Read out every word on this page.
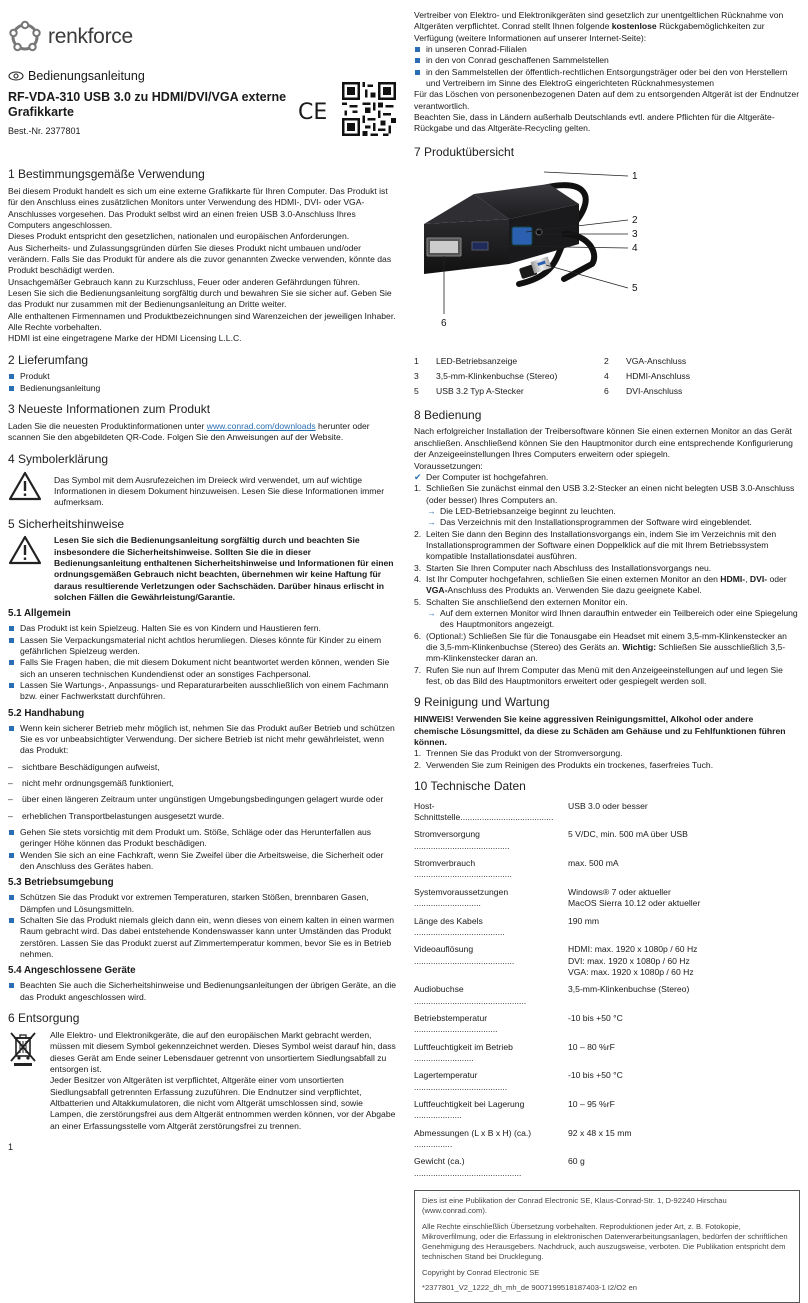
renkforce
Bedienungsanleitung
RF-VDA-310 USB 3.0 zu HDMI/DVI/VGA externe Grafikkarte
Best.-Nr. 2377801
CE
1 Bestimmungsgemäße Verwendung

Bei diesem Produkt handelt es sich um eine externe Grafikkarte für Ihren Computer. Das Produkt ist für den Anschluss eines zusätzlichen Monitors unter Verwendung des HDMI-, DVI- oder VGA-Anschlusses vorgesehen. Das Produkt selbst wird an einen freien USB 3.0-Anschluss Ihres Computers angeschlossen.

Dieses Produkt entspricht den gesetzlichen, nationalen und europäischen Anforderungen.

Aus Sicherheits- und Zulassungsgründen dürfen Sie dieses Produkt nicht umbauen und/oder verändern. Falls Sie das Produkt für andere als die zuvor genannten Zwecke verwenden, könnte das Produkt beschädigt werden.

Unsachgemäßer Gebrauch kann zu Kurzschluss, Feuer oder anderen Gefährdungen führen.

Lesen Sie sich die Bedienungsanleitung sorgfältig durch und bewahren Sie sie sicher auf. Geben Sie das Produkt nur zusammen mit der Bedienungsanleitung an Dritte weiter.

Alle enthaltenen Firmennamen und Produktbezeichnungen sind Warenzeichen der jeweiligen Inhaber. Alle Rechte vorbehalten.

HDMI ist eine eingetragene Marke der HDMI Licensing L.L.C.

2 Lieferumfang
Produkt
Bedienungsanleitung
3 Neueste Informationen zum Produkt

Laden Sie die neuesten Produktinformationen unter www.conrad.com/downloads herunter oder scannen Sie den abgebildeten QR-Code. Folgen Sie den Anweisungen auf der Website.

4 Symbolerklärung

Das Symbol mit dem Ausrufezeichen im Dreieck wird verwendet, um auf wichtige Informationen in diesem Dokument hinzuweisen. Lesen Sie diese Informationen immer aufmerksam.

5 Sicherheitshinweise

Lesen Sie sich die Bedienungsanleitung sorgfältig durch und beachten Sie insbesondere die Sicherheitshinweise. Sollten Sie die in dieser Bedienungsanleitung enthaltenen Sicherheitshinweise und Informationen für einen ordnungsgemäßen Gebrauch nicht beachten, übernehmen wir keine Haftung für daraus resultierende Verletzungen oder Sachschäden. Darüber hinaus erlischt in solchen Fällen die Gewährleistung/Garantie.

5.1 Allgemein
Das Produkt ist kein Spielzeug. Halten Sie es von Kindern und Haustieren fern.
Lassen Sie Verpackungsmaterial nicht achtlos herumliegen. Dieses könnte für Kinder zu einem gefährlichen Spielzeug werden.
Falls Sie Fragen haben, die mit diesem Dokument nicht beantwortet werden können, wenden Sie sich an unseren technischen Kundendienst oder an sonstiges Fachpersonal.
Lassen Sie Wartungs-, Anpassungs- und Reparaturarbeiten ausschließlich von einem Fachmann bzw. einer Fachwerkstatt durchführen.
5.2 Handhabung
Wenn kein sicherer Betrieb mehr möglich ist, nehmen Sie das Produkt außer Betrieb und schützen Sie es vor unbeabsichtigter Verwendung. Der sichere Betrieb ist nicht mehr gewährleistet, wenn das Produkt:
– sichtbare Beschädigungen aufweist,
– nicht mehr ordnungsgemäß funktioniert,
– über einen längeren Zeitraum unter ungünstigen Umgebungsbedingungen gelagert wurde oder
– erheblichen Transportbelastungen ausgesetzt wurde.
Gehen Sie stets vorsichtig mit dem Produkt um. Stöße, Schläge oder das Herunterfallen aus geringer Höhe können das Produkt beschädigen.
Wenden Sie sich an eine Fachkraft, wenn Sie Zweifel über die Arbeitsweise, die Sicherheit oder den Anschluss des Gerätes haben.
5.3 Betriebsumgebung
Schützen Sie das Produkt vor extremen Temperaturen, starken Stößen, brennbaren Gasen, Dämpfen und Lösungsmitteln.
Schalten Sie das Produkt niemals gleich dann ein, wenn dieses von einem kalten in einen warmen Raum gebracht wird. Das dabei entstehende Kondenswasser kann unter Umständen das Produkt zerstören. Lassen Sie das Produkt zuerst auf Zimmertemperatur kommen, bevor Sie es in Betrieb nehmen.
5.4 Angeschlossene Geräte
Beachten Sie auch die Sicherheitshinweise und Bedienungsanleitungen der übrigen Geräte, an die das Produkt angeschlossen wird.
6 Entsorgung

Alle Elektro- und Elektronikgeräte, die auf den europäischen Markt gebracht werden, müssen mit diesem Symbol gekennzeichnet werden. Dieses Symbol weist darauf hin, dass dieses Gerät am Ende seiner Lebensdauer getrennt von unsortiertem Siedlungsabfall zu entsorgen ist.

Jeder Besitzer von Altgeräten ist verpflichtet, Altgeräte einer vom unsortierten Siedlungsabfall getrennten Erfassung zuzuführen. Die Endnutzer sind verpflichtet, Altbatterien und Altakkumulatoren, die nicht vom Altgerät umschlossen sind, sowie Lampen, die zerstörungsfrei aus dem Altgerät entnommen werden können, vor der Abgabe an einer Erfassungsstelle vom Altgerät zerstörungsfrei zu trennen.

Vertreiber von Elektro- und Elektronikgeräten sind gesetzlich zur unentgeltlichen Rücknahme von Altgeräten verpflichtet. Conrad stellt Ihnen folgende kostenlose Rückgabemöglichkeiten zur Verfügung (weitere Informationen auf unserer Internet-Seite):

in unseren Conrad-Filialen
in den von Conrad geschaffenen Sammelstellen
in den Sammelstellen der öffentlich-rechtlichen Entsorgungsträger oder bei den von Herstellern und Vertreibern im Sinne des ElektroG eingerichteten Rücknahmesystemen

Für das Löschen von personenbezogenen Daten auf dem zu entsorgenden Altgerät ist der Endnutzer verantwortlich.

Beachten Sie, dass in Ländern außerhalb Deutschlands evtl. andere Pflichten für die Altgeräte-Rückgabe und das Altgeräte-Recycling gelten.

7 Produktübersicht
1
2
3
4
5
6
1	LED-Betriebsanzeige	2	VGA-Anschluss
3	3,5-mm-Klinkenbuchse (Stereo)	4	HDMI-Anschluss
5	USB 3.2 Typ A-Stecker	6	DVI-Anschluss
8 Bedienung

Nach erfolgreicher Installation der Treibersoftware können Sie einen externen Monitor an das Gerät anschließen. Anschließend können Sie den Hauptmonitor durch eine entsprechende Konfigurierung der Anzeigeeinstellungen Ihres Computers erweitern oder spiegeln.

Voraussetzungen:

✔ Der Computer ist hochgefahren.

1. Schließen Sie zunächst einmal den USB 3.2-Stecker an einen nicht belegten USB 3.0-Anschluss (oder besser) Ihres Computers an.
→ Die LED-Betriebsanzeige beginnt zu leuchten.
→ Das Verzeichnis mit den Installationsprogrammen der Software wird eingeblendet.
2. Leiten Sie dann den Beginn des Installationsvorgangs ein, indem Sie im Verzeichnis mit den Installationsprogrammen der Software einen Doppelklick auf die mit Ihrem Betriebssystem kompatible Installationsdatei ausführen.
3. Starten Sie Ihren Computer nach Abschluss des Installationsvorgangs neu.
4. Ist Ihr Computer hochgefahren, schließen Sie einen externen Monitor an den HDMI-, DVI- oder VGA-Anschluss des Produkts an. Verwenden Sie dazu geeignete Kabel.
5. Schalten Sie anschließend den externen Monitor ein.
→ Auf dem externen Monitor wird Ihnen daraufhin entweder ein Teilbereich oder eine Spiegelung des Hauptmonitors angezeigt.
6. (Optional:) Schließen Sie für die Tonausgabe ein Headset mit einem 3,5-mm-Klinkenstecker an die 3,5-mm-Klinkenbuchse (Stereo) des Geräts an. Wichtig: Schließen Sie ausschließlich 3,5-mm-Klinkenstecker daran an.
7. Rufen Sie nun auf Ihrem Computer das Menü mit den Anzeigeeinstellungen auf und legen Sie fest, ob das Bild des Hauptmonitors erweitert oder gespiegelt werden soll.
9 Reinigung und Wartung

HINWEIS! Verwenden Sie keine aggressiven Reinigungsmittel, Alkohol oder andere chemische Lösungsmittel, da diese zu Schäden am Gehäuse und zu Fehlfunktionen führen können.

1. Trennen Sie das Produkt von der Stromversorgung.
2. Verwenden Sie zum Reinigen des Produkts ein trockenes, faserfreies Tuch.
10 Technische Daten
Host-Schnittstelle.......................................	USB 3.0 oder besser

Stromversorgung ........................................	5 V/DC, min. 500 mA über USB

Stromverbrauch .........................................	max. 500 mA

Systemvoraussetzungen ............................	Windows® 7 oder aktueller
MacOS Sierra 10.12 oder aktueller

Länge des Kabels ......................................	190 mm

Videoauflösung ..........................................	HDMI: max. 1920 x 1080p / 60 Hz
DVI: max. 1920 x 1080p / 60 Hz
VGA: max. 1920 x 1080p / 60 Hz

Audiobuchse ...............................................	3,5-mm-Klinkenbuchse (Stereo)

Betriebstemperatur ...................................	-10 bis +50 °C

Luftfeuchtigkeit im Betrieb .........................	10 – 80 %rF

Lagertemperatur .......................................	-10 bis +50 °C

Luftfeuchtigkeit bei Lagerung ....................	10 – 95 %rF

Abmessungen (L x B x H) (ca.) ................	92 x 48 x 15 mm

Gewicht (ca.) .............................................	60 g

Dies ist eine Publikation der Conrad Electronic SE, Klaus-Conrad-Str. 1, D-92240 Hirschau (www.conrad.com).

Alle Rechte einschließlich Übersetzung vorbehalten. Reproduktionen jeder Art, z. B. Fotokopie, Mikroverfilmung, oder die Erfassung in elektronischen Datenverarbeitungsanlagen, bedürfen der schriftlichen Genehmigung des Herausgebers. Nachdruck, auch auszugsweise, verboten. Die Publikation entspricht dem technischen Stand bei Drucklegung.

Copyright by Conrad Electronic SE

*2377801_V2_1222_dh_mh_de 9007199518187403-1 I2/O2 en

1
